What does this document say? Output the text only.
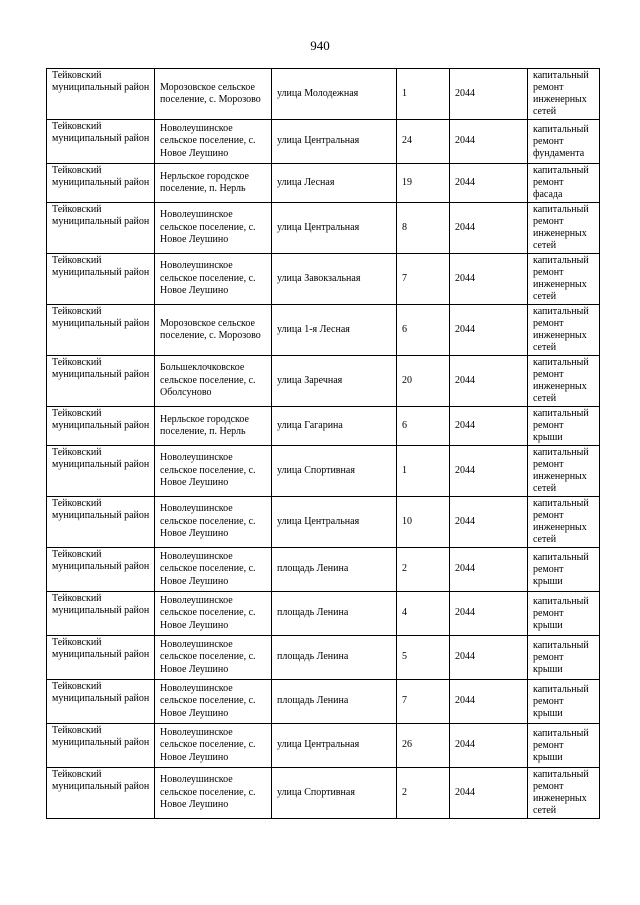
940
Тейковский муниципальный район	Морозовское сельское поселение, с. Морозово	улица Молодежная	1	2044	капитальный ремонт инженерных сетей
Тейковский муниципальный район	Новолеушинское сельское поселение, с. Новое Леушино	улица Центральная	24	2044	капитальный ремонт фундамента
Тейковский муниципальный район	Нерльское городское поселение, п. Нерль	улица Лесная	19	2044	капитальный ремонт фасада
Тейковский муниципальный район	Новолеушинское сельское поселение, с. Новое Леушино	улица Центральная	8	2044	капитальный ремонт инженерных сетей
Тейковский муниципальный район	Новолеушинское сельское поселение, с. Новое Леушино	улица Завокзальная	7	2044	капитальный ремонт инженерных сетей
Тейковский муниципальный район	Морозовское сельское поселение, с. Морозово	улица 1-я Лесная	6	2044	капитальный ремонт инженерных сетей
Тейковский муниципальный район	Большеклочковское сельское поселение, с. Оболсуново	улица Заречная	20	2044	капитальный ремонт инженерных сетей
Тейковский муниципальный район	Нерльское городское поселение, п. Нерль	улица Гагарина	6	2044	капитальный ремонт крыши
Тейковский муниципальный район	Новолеушинское сельское поселение, с. Новое Леушино	улица Спортивная	1	2044	капитальный ремонт инженерных сетей
Тейковский муниципальный район	Новолеушинское сельское поселение, с. Новое Леушино	улица Центральная	10	2044	капитальный ремонт инженерных сетей
Тейковский муниципальный район	Новолеушинское сельское поселение, с. Новое Леушино	площадь Ленина	2	2044	капитальный ремонт крыши
Тейковский муниципальный район	Новолеушинское сельское поселение, с. Новое Леушино	площадь Ленина	4	2044	капитальный ремонт крыши
Тейковский муниципальный район	Новолеушинское сельское поселение, с. Новое Леушино	площадь Ленина	5	2044	капитальный ремонт крыши
Тейковский муниципальный район	Новолеушинское сельское поселение, с. Новое Леушино	площадь Ленина	7	2044	капитальный ремонт крыши
Тейковский муниципальный район	Новолеушинское сельское поселение, с. Новое Леушино	улица Центральная	26	2044	капитальный ремонт крыши
Тейковский муниципальный район	Новолеушинское сельское поселение, с. Новое Леушино	улица Спортивная	2	2044	капитальный ремонт инженерных сетей
